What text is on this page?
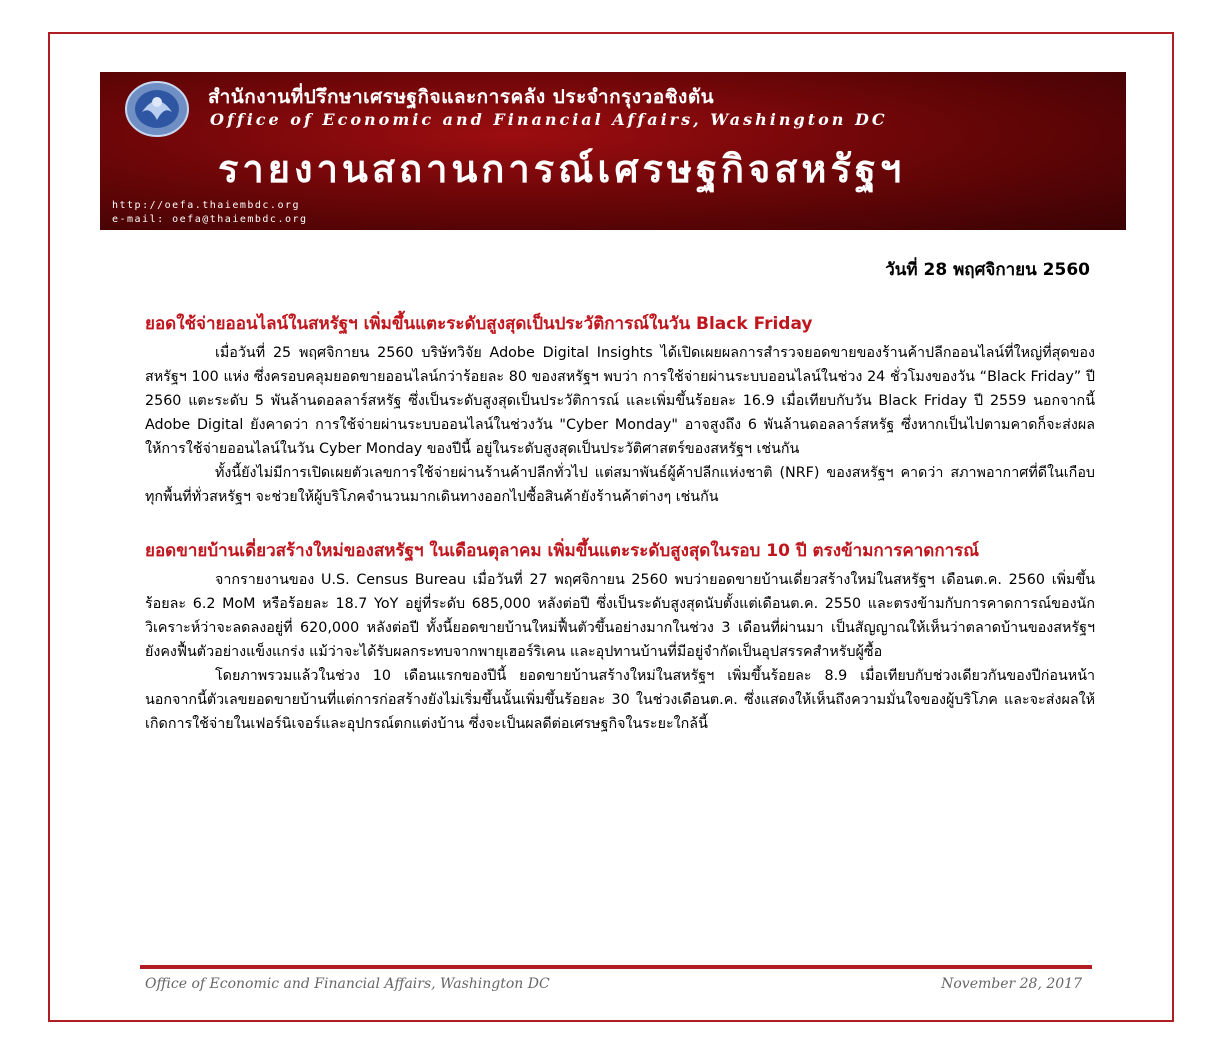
สำนักงานที่ปรึกษาเศรษฐกิจและการคลัง ประจำกรุงวอชิงตัน
Office of Economic and Financial Affairs, Washington DC
รายงานสถานการณ์เศรษฐกิจสหรัฐฯ
http://oefa.thaiembdc.org
e-mail: oefa@thaiembdc.org
วันที่ 28 พฤศจิกายน 2560
ยอดใช้จ่ายออนไลน์ในสหรัฐฯ เพิ่มขึ้นแตะระดับสูงสุดเป็นประวัติการณ์ในวัน Black Friday

เมื่อวันที่ 25 พฤศจิกายน 2560 บริษัทวิจัย Adobe Digital Insights ได้เปิดเผยผลการสำรวจยอดขายของร้านค้าปลีกออนไลน์ที่ใหญ่ที่สุดของสหรัฐฯ 100 แห่ง ซึ่งครอบคลุมยอดขายออนไลน์กว่าร้อยละ 80 ของสหรัฐฯ พบว่า การใช้จ่ายผ่านระบบออนไลน์ในช่วง 24 ชั่วโมงของวัน “Black Friday” ปี 2560 แตะระดับ 5 พันล้านดอลลาร์สหรัฐ ซึ่งเป็นระดับสูงสุดเป็นประวัติการณ์ และเพิ่มขึ้นร้อยละ 16.9 เมื่อเทียบกับวัน Black Friday ปี 2559 นอกจากนี้ Adobe Digital ยังคาดว่า การใช้จ่ายผ่านระบบออนไลน์ในช่วงวัน "Cyber Monday" อาจสูงถึง 6 พันล้านดอลลาร์สหรัฐ ซึ่งหากเป็นไปตามคาดก็จะส่งผลให้การใช้จ่ายออนไลน์ในวัน Cyber Monday ของปีนี้ อยู่ในระดับสูงสุดเป็นประวัติศาสตร์ของสหรัฐฯ เช่นกัน

ทั้งนี้ยังไม่มีการเปิดเผยตัวเลขการใช้จ่ายผ่านร้านค้าปลีกทั่วไป แต่สมาพันธ์ผู้ค้าปลีกแห่งชาติ (NRF) ของสหรัฐฯ คาดว่า สภาพอากาศที่ดีในเกือบทุกพื้นที่ทั่วสหรัฐฯ จะช่วยให้ผู้บริโภคจำนวนมากเดินทางออกไปซื้อสินค้ายังร้านค้าต่างๆ เช่นกัน

ยอดขายบ้านเดี่ยวสร้างใหม่ของสหรัฐฯ ในเดือนตุลาคม เพิ่มขึ้นแตะระดับสูงสุดในรอบ 10 ปี ตรงข้ามการคาดการณ์

จากรายงานของ U.S. Census Bureau เมื่อวันที่ 27 พฤศจิกายน 2560 พบว่ายอดขายบ้านเดี่ยวสร้างใหม่ในสหรัฐฯ เดือนต.ค. 2560 เพิ่มขึ้นร้อยละ 6.2 MoM หรือร้อยละ 18.7 YoY อยู่ที่ระดับ 685,000 หลังต่อปี ซึ่งเป็นระดับสูงสุดนับตั้งแต่เดือนต.ค. 2550 และตรงข้ามกับการคาดการณ์ของนักวิเคราะห์ว่าจะลดลงอยู่ที่ 620,000 หลังต่อปี ทั้งนี้ยอดขายบ้านใหม่ฟื้นตัวขึ้นอย่างมากในช่วง 3 เดือนที่ผ่านมา เป็นสัญญาณให้เห็นว่าตลาดบ้านของสหรัฐฯ ยังคงฟื้นตัวอย่างแข็งแกร่ง แม้ว่าจะได้รับผลกระทบจากพายุเฮอร์ริเคน และอุปทานบ้านที่มีอยู่จำกัดเป็นอุปสรรคสำหรับผู้ซื้อ

โดยภาพรวมแล้วในช่วง 10 เดือนแรกของปีนี้ ยอดขายบ้านสร้างใหม่ในสหรัฐฯ เพิ่มขึ้นร้อยละ 8.9 เมื่อเทียบกับช่วงเดียวกันของปีก่อนหน้า นอกจากนี้ตัวเลขยอดขายบ้านที่แต่การก่อสร้างยังไม่เริ่มขึ้นนั้นเพิ่มขึ้นร้อยละ 30 ในช่วงเดือนต.ค. ซึ่งแสดงให้เห็นถึงความมั่นใจของผู้บริโภค และจะส่งผลให้เกิดการใช้จ่ายในเฟอร์นิเจอร์และอุปกรณ์ตกแต่งบ้าน ซึ่งจะเป็นผลดีต่อเศรษฐกิจในระยะใกล้นี้

Office of Economic and Financial Affairs, Washington DC	November 28, 2017
